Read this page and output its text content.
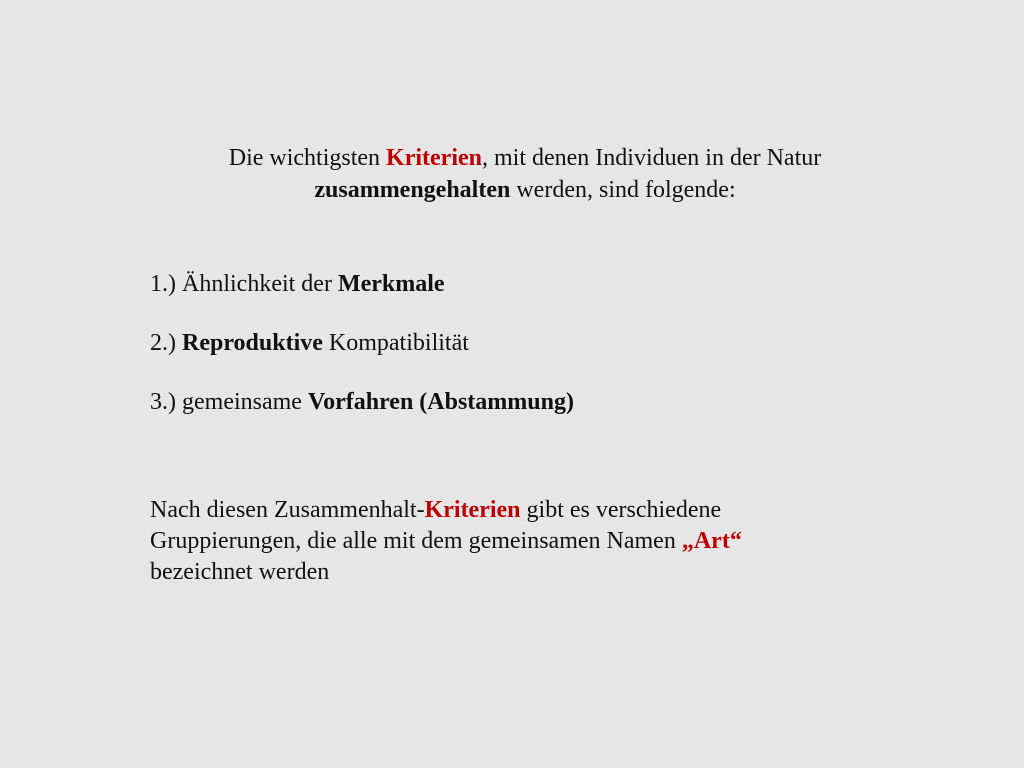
Die wichtigsten Kriterien, mit denen Individuen in der Natur
zusammengehalten werden, sind folgende:
1.) Ähnlichkeit der Merkmale
2.) Reproduktive Kompatibilität
3.) gemeinsame Vorfahren (Abstammung)

Nach diesen Zusammenhalt-Kriterien gibt es verschiedene
Gruppierungen, die alle mit dem gemeinsamen Namen „Art“
bezeichnet werden
